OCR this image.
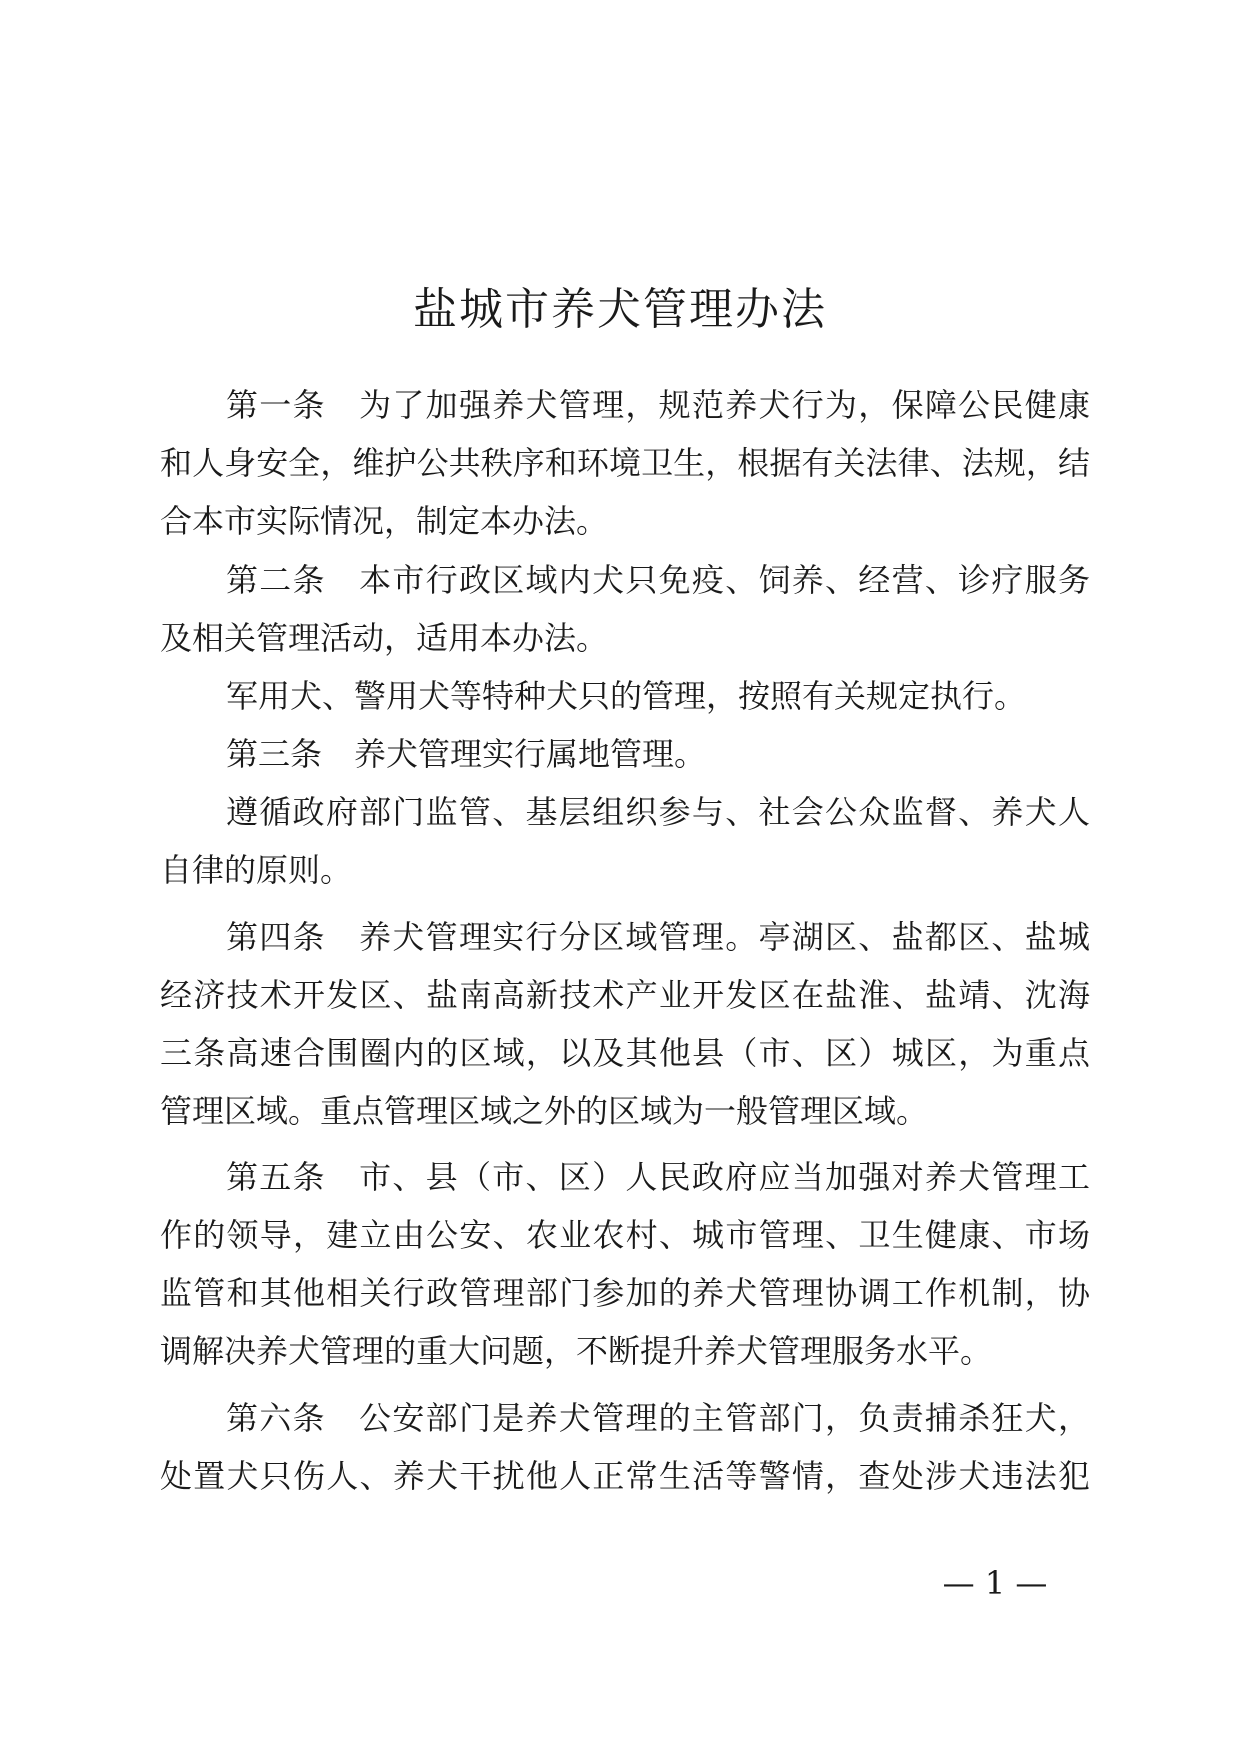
盐城市养犬管理办法

第一条　为了加强养犬管理，规范养犬行为，保障公民健康

和人身安全，维护公共秩序和环境卫生，根据有关法律、法规，结

合本市实际情况，制定本办法。

第二条　本市行政区域内犬只免疫、饲养、经营、诊疗服务

及相关管理活动，适用本办法。

军用犬、警用犬等特种犬只的管理，按照有关规定执行。

第三条　养犬管理实行属地管理。

遵循政府部门监管、基层组织参与、社会公众监督、养犬人

自律的原则。

第四条　养犬管理实行分区域管理。亭湖区、盐都区、盐城

经济技术开发区、盐南高新技术产业开发区在盐淮、盐靖、沈海

三条高速合围圈内的区域，以及其他县（市、区）城区，为重点

管理区域。重点管理区域之外的区域为一般管理区域。

第五条　市、县（市、区）人民政府应当加强对养犬管理工

作的领导，建立由公安、农业农村、城市管理、卫生健康、市场

监管和其他相关行政管理部门参加的养犬管理协调工作机制，协

调解决养犬管理的重大问题，不断提升养犬管理服务水平。

第六条　公安部门是养犬管理的主管部门，负责捕杀狂犬，

处置犬只伤人、养犬干扰他人正常生活等警情，查处涉犬违法犯

— 1 —
